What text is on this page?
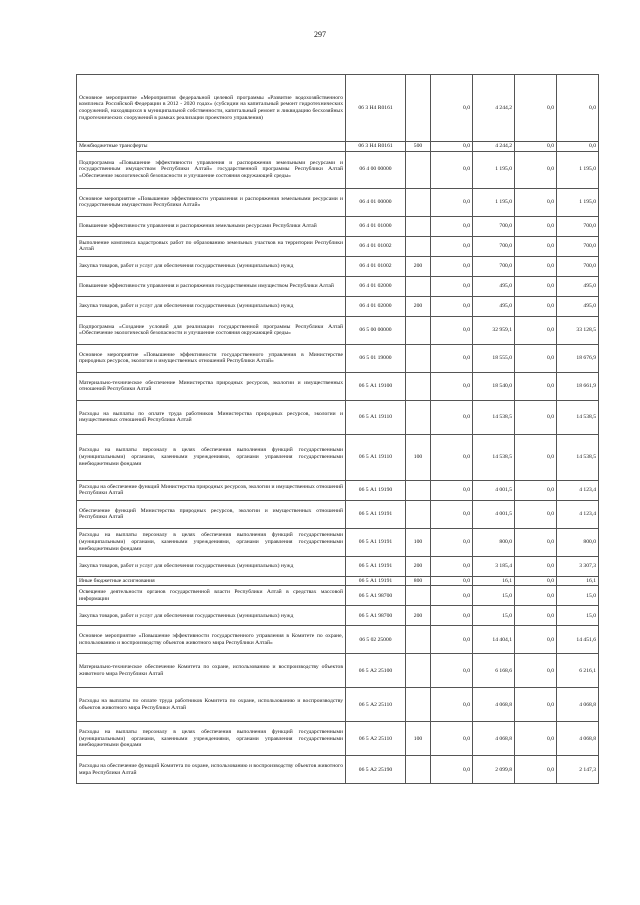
297
Основное мероприятие «Мероприятия федеральной целевой программы «Развитие водохозяйственного комплекса Российской Федерации в 2012 - 2020 годах» (субсидии на капитальный ремонт гидротехнических сооружений, находящихся в муниципальной собственности, капитальный ремонт и ликвидацию бесхозяйных гидротехнических сооружений в рамках реализации проектного управления)	06 3 Н4 R0161		0,0	4 244,2	0,0	0,0
Межбюджетные трансферты	06 3 Н4 R0161	500	0,0	4 244,2	0,0	0,0
Подпрограмма «Повышение эффективности управления и распоряжения земельными ресурсами и государственным имуществом Республики Алтай» государственной программы Республики Алтай «Обеспечение экологической безопасности и улучшение состояния окружающей среды»	06 4 00 00000		0,0	1 195,0	0,0	1 195,0
Основное мероприятие «Повышение эффективности управления и распоряжения земельными ресурсами и государственным имуществом Республики Алтай»	06 4 01 00000		0,0	1 195,0	0,0	1 195,0
Повышение эффективности управления и распоряжения земельными ресурсами Республики Алтай	06 4 01 01000		0,0	700,0	0,0	700,0
Выполнение комплекса кадастровых работ по образованию земельных участков на территории Республики Алтай	06 4 01 01002		0,0	700,0	0,0	700,0
Закупка товаров, работ и услуг для обеспечения государственных (муниципальных) нужд	06 4 01 01002	200	0,0	700,0	0,0	700,0
Повышение эффективности управления и распоряжения государственным имуществом Республики Алтай	06 4 01 02000		0,0	495,0	0,0	495,0
Закупка товаров, работ и услуг для обеспечения государственных (муниципальных) нужд	06 4 01 02000	200	0,0	495,0	0,0	495,0
Подпрограмма «Создание условий для реализации государственной программы Республики Алтай «Обеспечение экологической безопасности и улучшение состояния окружающей среды»	06 5 00 00000		0,0	32 959,1	0,0	33 128,5
Основное мероприятие «Повышение эффективности государственного управления в Министерстве природных ресурсов, экологии и имущественных отношений Республики Алтай»	06 5 01 19000		0,0	18 555,0	0,0	18 676,9
Материально-техническое обеспечение Министерства природных ресурсов, экологии и имущественных отношений Республики Алтай	06 5 А1 19100		0,0	18 540,0	0,0	18 661,9
Расходы на выплаты по оплате труда работников Министерства природных ресурсов, экологии и имущественных отношений Республики Алтай	06 5 А1 19110		0,0	14 538,5	0,0	14 538,5
Расходы на выплаты персоналу в целях обеспечения выполнения функций государственными (муниципальными) органами, казенными учреждениями, органами управления государственными внебюджетными фондами	06 5 А1 19110	100	0,0	14 538,5	0,0	14 538,5
Расходы на обеспечение функций Министерства природных ресурсов, экологии и имущественных отношений Республики Алтай	06 5 А1 19190		0,0	4 001,5	0,0	4 123,4
Обеспечение функций Министерства природных ресурсов, экологии и имущественных отношений Республики Алтай	06 5 А1 19191		0,0	4 001,5	0,0	4 123,4
Расходы на выплаты персоналу в целях обеспечения выполнения функций государственными (муниципальными) органами, казенными учреждениями, органами управления государственными внебюджетными фондами	06 5 А1 19191	100	0,0	800,0	0,0	800,0
Закупка товаров, работ и услуг для обеспечения государственных (муниципальных) нужд	06 5 А1 19191	200	0,0	3 185,4	0,0	3 307,3
Иные бюджетные ассигнования	06 5 А1 19191	800	0,0	16,1	0,0	16,1
Освещение деятельности органов государственной власти Республики Алтай в средствах массовой информации	06 5 А1 98700		0,0	15,0	0,0	15,0
Закупка товаров, работ и услуг для обеспечения государственных (муниципальных) нужд	06 5 А1 98700	200	0,0	15,0	0,0	15,0
Основное мероприятие «Повышение эффективности государственного управления в Комитете по охране, использованию и воспроизводству объектов животного мира Республики Алтай»	06 5 02 25000		0,0	14 404,1	0,0	14 451,6
Материально-техническое обеспечение Комитета по охране, использованию и воспроизводству объектов животного мира Республики Алтай	06 5 А2 25100		0,0	6 168,6	0,0	6 216,1
Расходы на выплаты по оплате труда работников Комитета по охране, использованию и воспроизводству объектов животного мира Республики Алтай	06 5 А2 25110		0,0	4 068,8	0,0	4 068,8
Расходы на выплаты персоналу в целях обеспечения выполнения функций государственными (муниципальными) органами, казенными учреждениями, органами управления государственными внебюджетными фондами	06 5 А2 25110	100	0,0	4 068,8	0,0	4 068,8
Расходы на обеспечение функций Комитета по охране, использованию и воспроизводству объектов животного мира Республики Алтай	06 5 А2 25190		0,0	2 099,8	0,0	2 147,3
